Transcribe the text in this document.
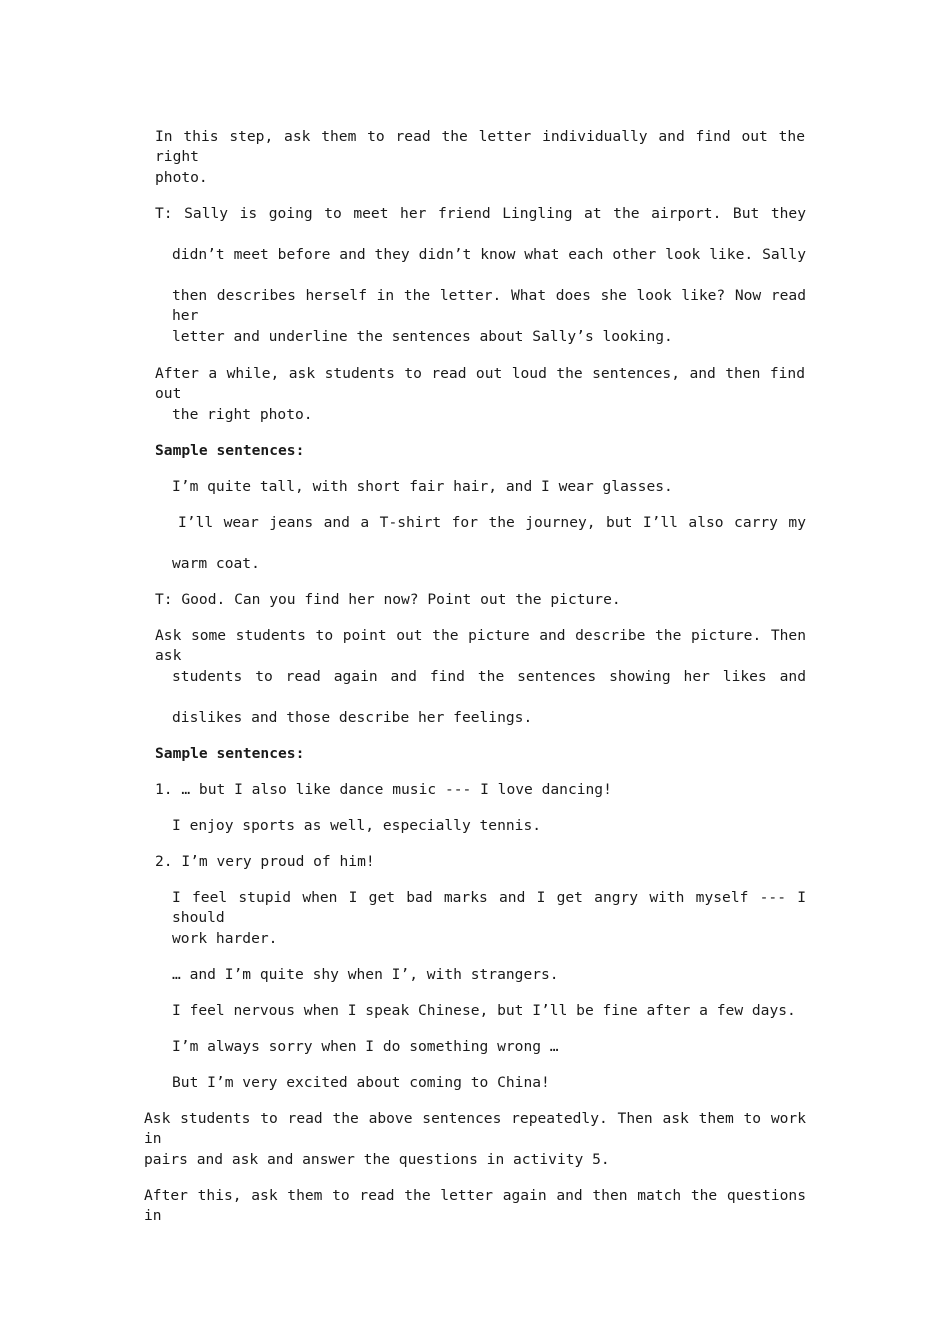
In this step, ask them to read the letter individually and find out the right

photo.

T: Sally is going to meet her friend Lingling at the airport. But they

didn’t meet before and they didn’t know what each other look like. Sally

then describes herself in the letter. What does she look like? Now read her

letter and underline the sentences about Sally’s looking.

After a while, ask students to read out loud the sentences, and then find out

the right photo.

Sample sentences:

I’m quite tall, with short fair hair, and I wear glasses.

I’ll wear jeans and a T-shirt for the journey, but I’ll also carry my

warm coat.

T: Good. Can you find her now? Point out the picture.

Ask some students to point out the picture and describe the picture. Then ask

students to read again and find the sentences showing her likes and

dislikes and those describe her feelings.

Sample sentences:

1. … but I also like dance music --- I love dancing!

I enjoy sports as well, especially tennis.

2. I’m very proud of him!

I feel stupid when I get bad marks and I get angry with myself --- I should

work harder.

… and I’m quite shy when I’, with strangers.

I feel nervous when I speak Chinese, but I’ll be fine after a few days.

I’m always sorry when I do something wrong …

But I’m very excited about coming to China!

Ask students to read the above sentences repeatedly. Then ask them to work in

pairs and ask and answer the questions in activity 5.

After this, ask them to read the letter again and then match the questions in
